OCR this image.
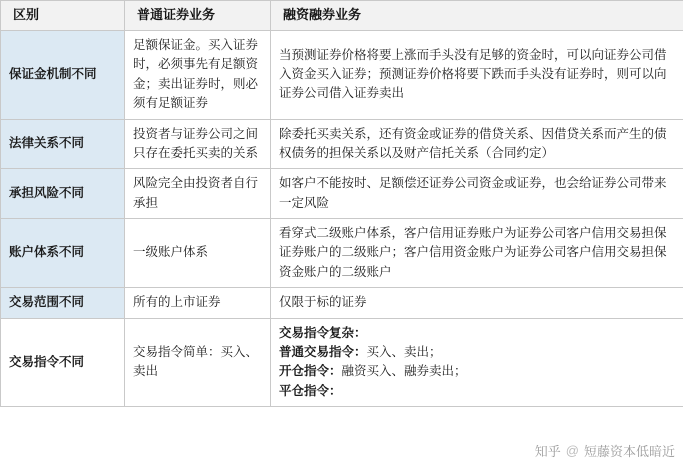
区别	普通证券业务	融资融券业务
保证金机制不同	足额保证金。买入证券时，必须事先有足额资金；卖出证券时，则必须有足额证券	当预测证券价格将要上涨而手头没有足够的资金时，可以向证券公司借入资金买入证券；预测证券价格将要下跌而手头没有证券时，则可以向证券公司借入证券卖出
法律关系不同	投资者与证券公司之间只存在委托买卖的关系	除委托买卖关系，还有资金或证券的借贷关系、因借贷关系而产生的债权债务的担保关系以及财产信托关系（合同约定）
承担风险不同	风险完全由投资者自行承担	如客户不能按时、足额偿还证券公司资金或证券，也会给证券公司带来一定风险
账户体系不同	一级账户体系	看穿式二级账户体系，客户信用证券账户为证券公司客户信用交易担保证券账户的二级账户；客户信用资金账户为证券公司客户信用交易担保资金账户的二级账户
交易范围不同	所有的上市证券	仅限于标的证券
交易指令不同	交易指令简单：买入、卖出	交易指令复杂：
普通交易指令：买入、卖出；
开仓指令：融资买入、融券卖出；
平仓指令：
知乎 @ 短藤资本低暗近
